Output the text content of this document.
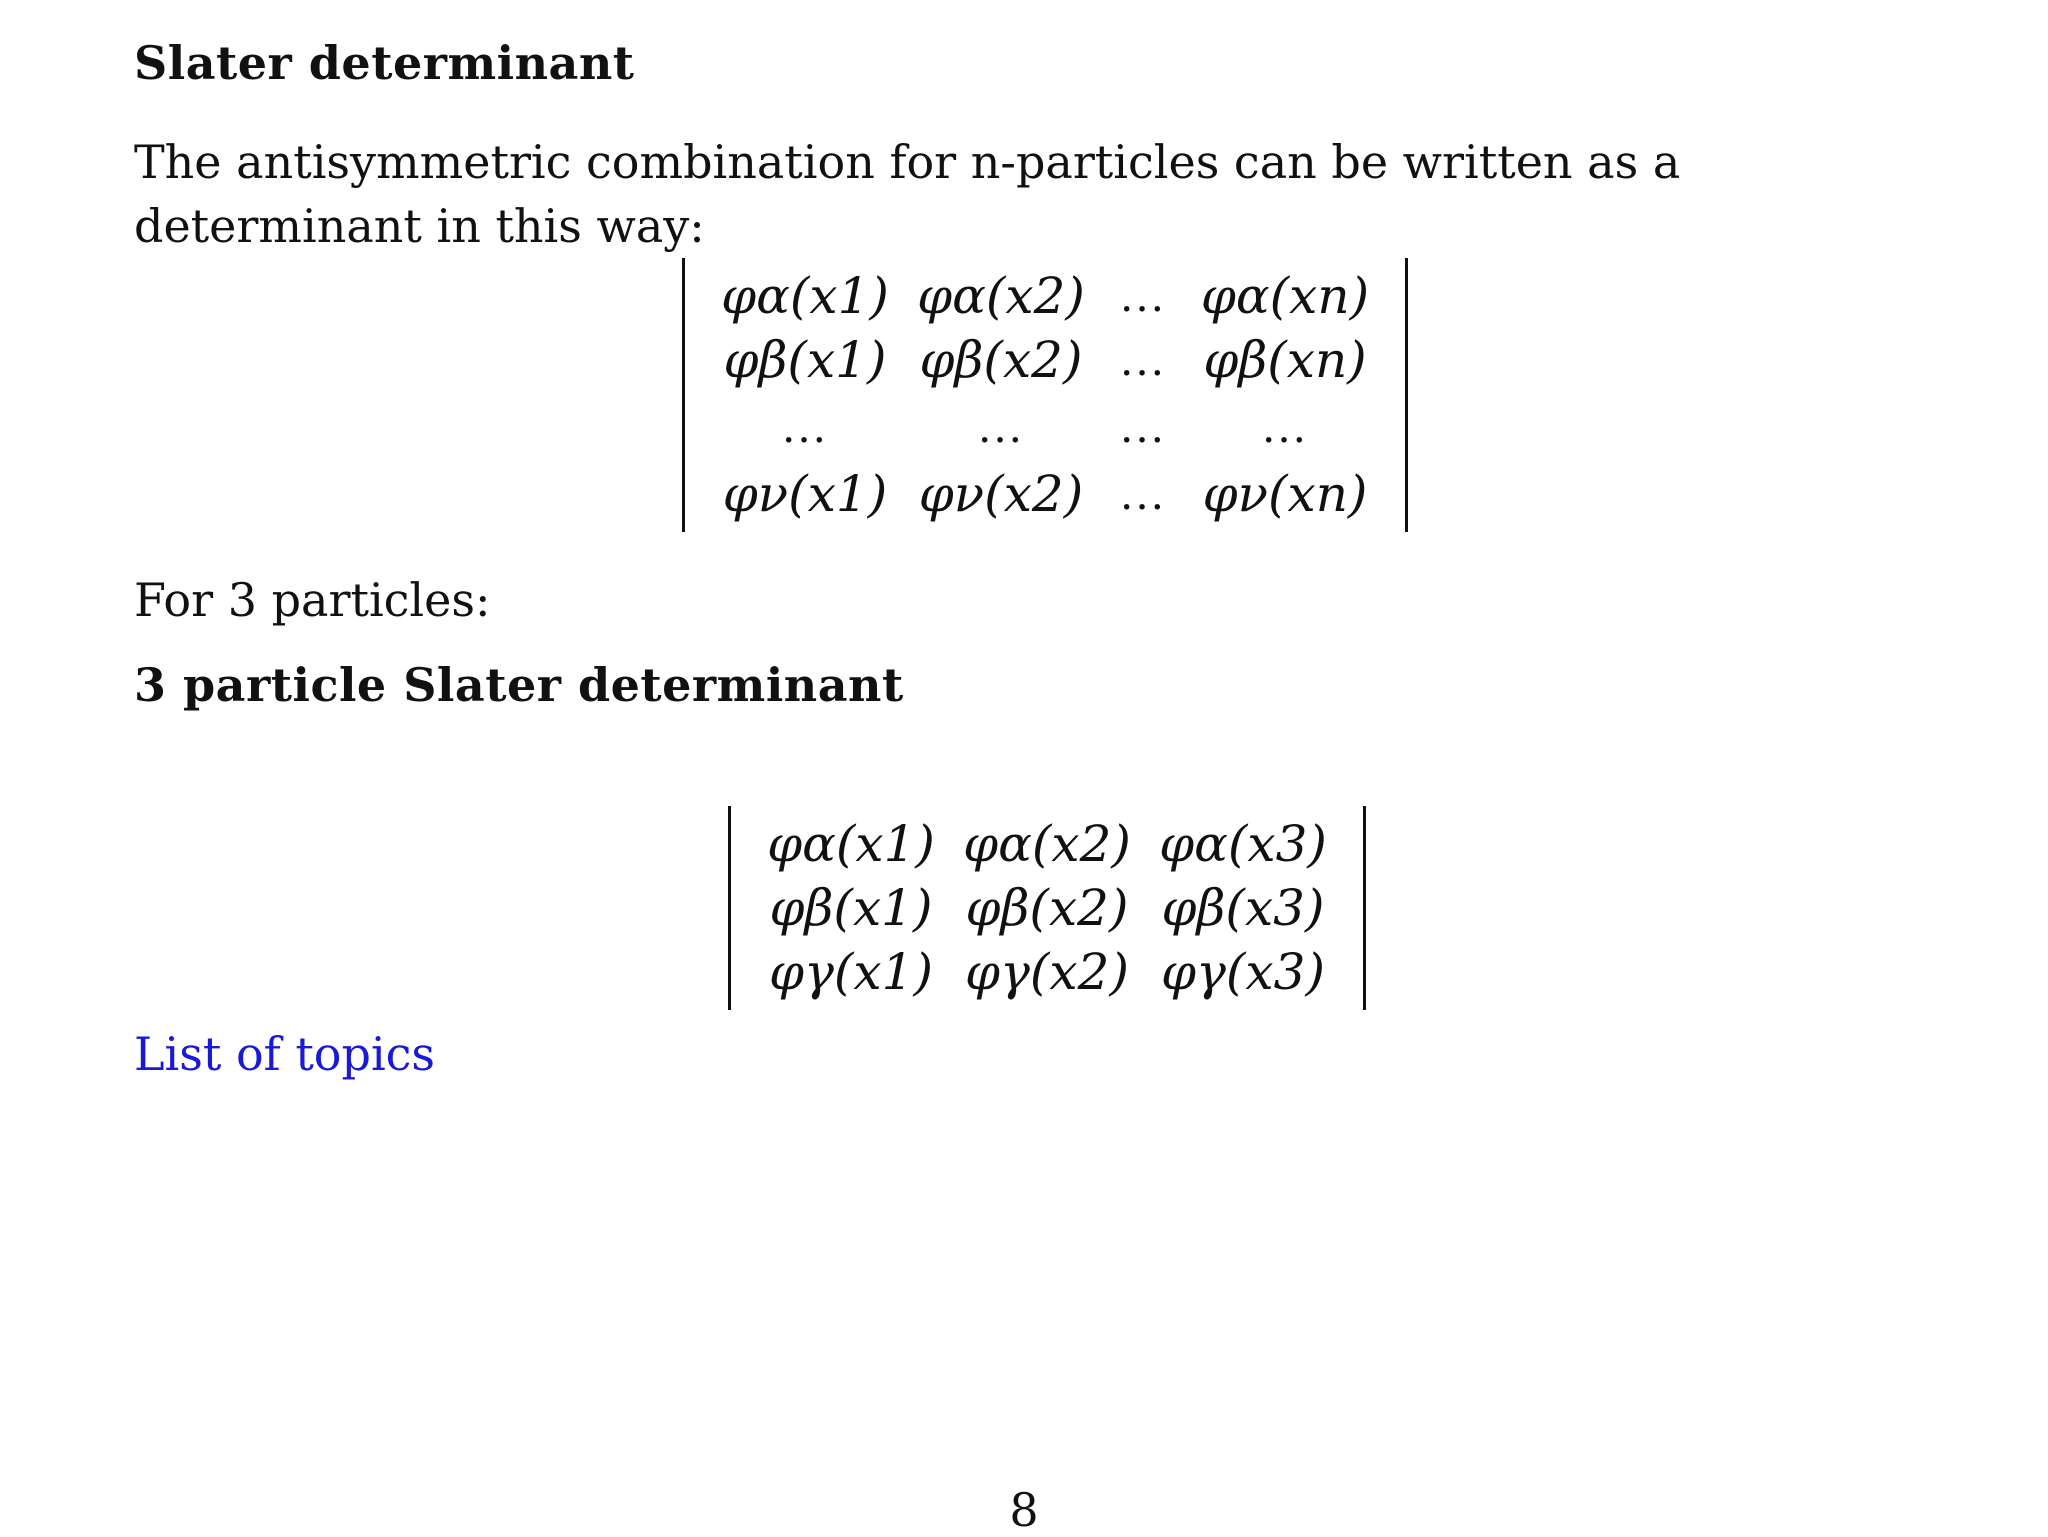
Slater determinant

The antisymmetric combination for n-particles can be written as a determinant in this way:

φα(x1) φα(x2) ... φα(xn)
φβ(x1) φβ(x2) ... φβ(xn)
...	...	...	...
φν(x1) φν(x2) ... φν(xn)

For 3 particles:

3 particle Slater determinant
φα(x1) φα(x2) φα(x3)
φβ(x1) φβ(x2) φβ(x3)
φγ(x1) φγ(x2) φγ(x3)
List of topics
8
